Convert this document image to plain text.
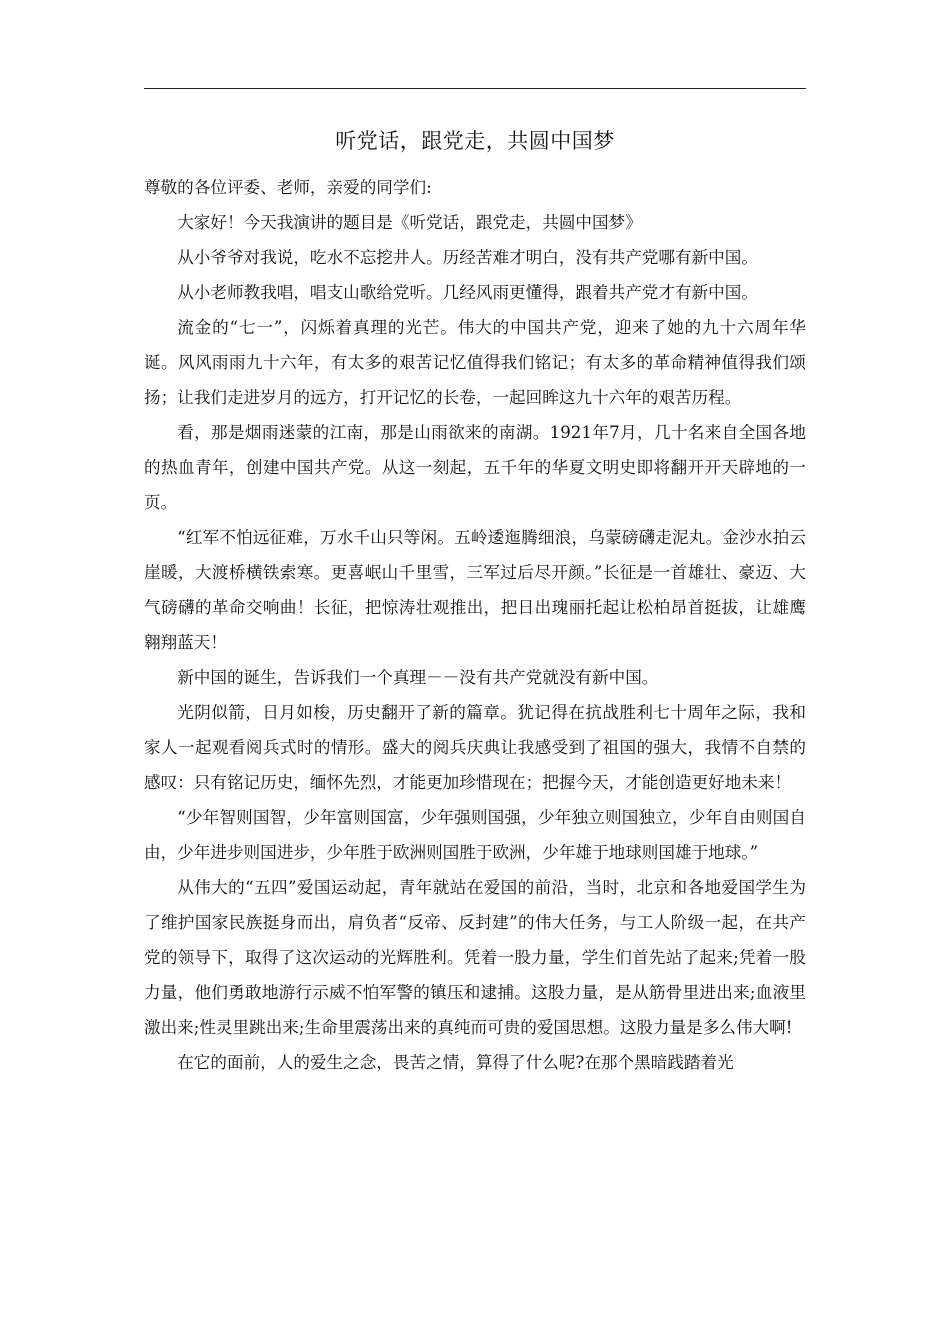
听党话，跟党走，共圆中国梦

尊敬的各位评委、老师，亲爱的同学们:

大家好！今天我演讲的题目是《听党话，跟党走，共圆中国梦》

从小爷爷对我说，吃水不忘挖井人。历经苦难才明白，没有共产党哪有新中国。

从小老师教我唱，唱支山歌给党听。几经风雨更懂得，跟着共产党才有新中国。

流金的“七一”，闪烁着真理的光芒。伟大的中国共产党，迎来了她的九十六周年华诞。风风雨雨九十六年，有太多的艰苦记忆值得我们铭记；有太多的革命精神值得我们颂扬；让我们走进岁月的远方，打开记忆的长卷，一起回眸这九十六年的艰苦历程。

看，那是烟雨迷蒙的江南，那是山雨欲来的南湖。1921年7月，几十名来自全国各地的热血青年，创建中国共产党。从这一刻起，五千年的华夏文明史即将翻开开天辟地的一页。

“红军不怕远征难，万水千山只等闲。五岭逶迤腾细浪，乌蒙磅礴走泥丸。金沙水拍云崖暖，大渡桥横铁索寒。更喜岷山千里雪，三军过后尽开颜。”长征是一首雄壮、豪迈、大气磅礴的革命交响曲！长征，把惊涛壮观推出，把日出瑰丽托起让松柏昂首挺拔，让雄鹰翱翔蓝天！

新中国的诞生，告诉我们一个真理－－没有共产党就没有新中国。

光阴似箭，日月如梭，历史翻开了新的篇章。犹记得在抗战胜利七十周年之际，我和家人一起观看阅兵式时的情形。盛大的阅兵庆典让我感受到了祖国的强大，我情不自禁的感叹：只有铭记历史，缅怀先烈，才能更加珍惜现在；把握今天，才能创造更好地未来！

“少年智则国智，少年富则国富，少年强则国强，少年独立则国独立，少年自由则国自由，少年进步则国进步，少年胜于欧洲则国胜于欧洲，少年雄于地球则国雄于地球。”

从伟大的“五四”爱国运动起，青年就站在爱国的前沿，当时，北京和各地爱国学生为了维护国家民族挺身而出，肩负者“反帝、反封建”的伟大任务，与工人阶级一起，在共产党的领导下，取得了这次运动的光辉胜利。凭着一股力量，学生们首先站了起来;凭着一股力量，他们勇敢地游行示威不怕军警的镇压和逮捕。这股力量，是从筋骨里进出来;血液里激出来;性灵里跳出来;生命里震荡出来的真纯而可贵的爱国思想。这股力量是多么伟大啊!

在它的面前，人的爱生之念，畏苦之情，算得了什么呢?在那个黑暗践踏着光
